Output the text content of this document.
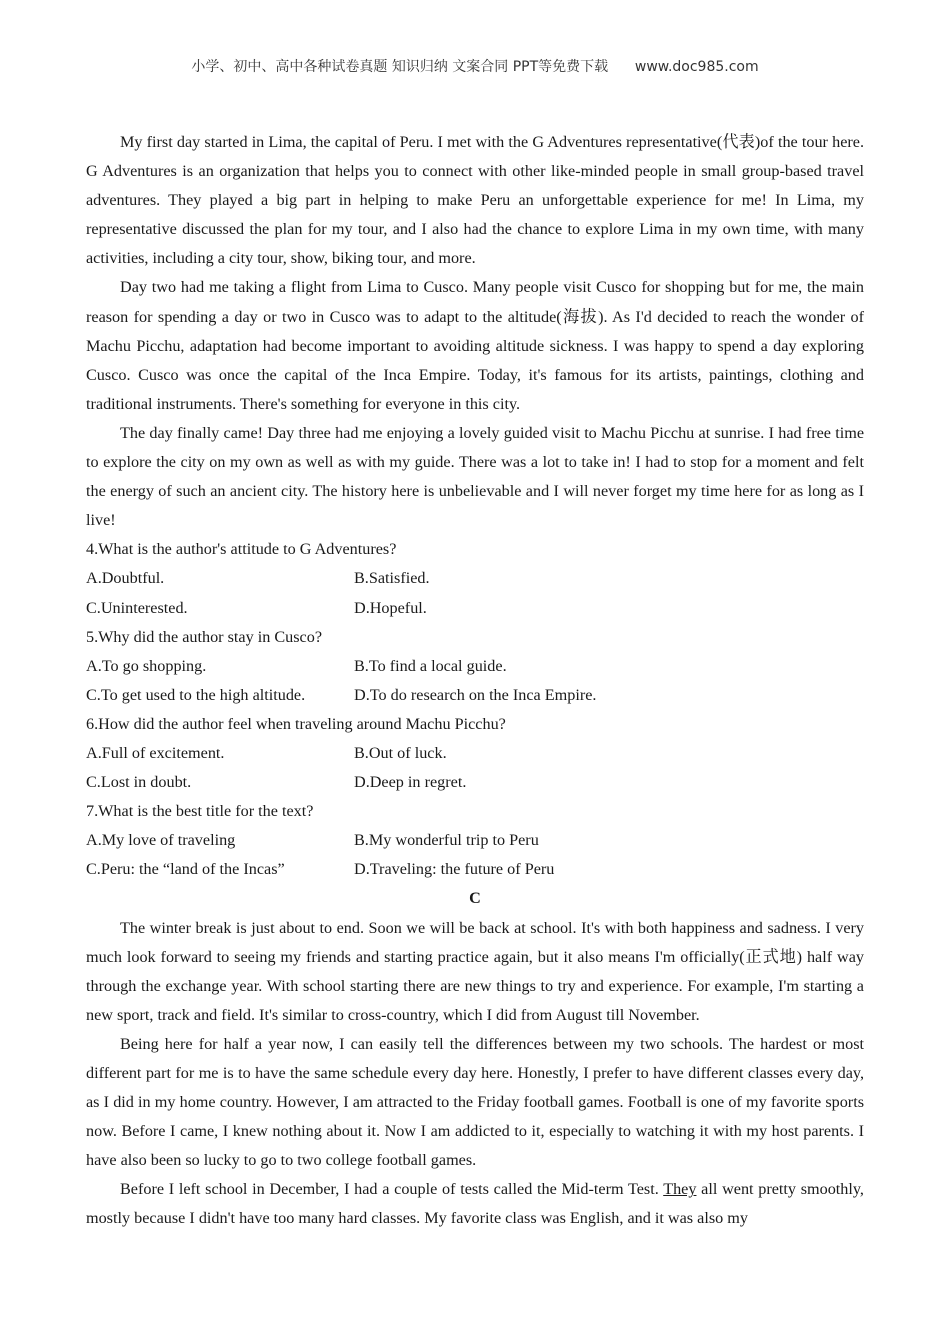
小学、初中、高中各种试卷真题 知识归纳 文案合同 PPT等免费下载 www.doc985.com

My first day started in Lima, the capital of Peru. I met with the G Adventures representative(代表)of the tour here. G Adventures is an organization that helps you to connect with other like-minded people in small group-based travel adventures. They played a big part in helping to make Peru an unforgettable experience for me! In Lima, my representative discussed the plan for my tour, and I also had the chance to explore Lima in my own time, with many activities, including a city tour, show, biking tour, and more.

Day two had me taking a flight from Lima to Cusco. Many people visit Cusco for shopping but for me, the main reason for spending a day or two in Cusco was to adapt to the altitude(海拔). As I'd decided to reach the wonder of Machu Picchu, adaptation had become important to avoiding altitude sickness. I was happy to spend a day exploring Cusco. Cusco was once the capital of the Inca Empire. Today, it's famous for its artists, paintings, clothing and traditional instruments. There's something for everyone in this city.

The day finally came! Day three had me enjoying a lovely guided visit to Machu Picchu at sunrise. I had free time to explore the city on my own as well as with my guide. There was a lot to take in! I had to stop for a moment and felt the energy of such an ancient city. The history here is unbelievable and I will never forget my time here for as long as I live!

4.What is the author's attitude to G Adventures?

A.Doubtful.	B.Satisfied.

C.Uninterested.	D.Hopeful.

5.Why did the author stay in Cusco?

A.To go shopping.	B.To find a local guide.

C.To get used to the high altitude.	D.To do research on the Inca Empire.

6.How did the author feel when traveling around Machu Picchu?

A.Full of excitement.	B.Out of luck.

C.Lost in doubt.	D.Deep in regret.

7.What is the best title for the text?

A.My love of traveling	B.My wonderful trip to Peru

C.Peru: the “land of the Incas”	D.Traveling: the future of Peru

C

The winter break is just about to end. Soon we will be back at school. It's with both happiness and sadness. I very much look forward to seeing my friends and starting practice again, but it also means I'm officially(正式地) half way through the exchange year. With school starting there are new things to try and experience. For example, I'm starting a new sport, track and field. It's similar to cross-country, which I did from August till November.

Being here for half a year now, I can easily tell the differences between my two schools. The hardest or most different part for me is to have the same schedule every day here. Honestly, I prefer to have different classes every day, as I did in my home country. However, I am attracted to the Friday football games. Football is one of my favorite sports now. Before I came, I knew nothing about it. Now I am addicted to it, especially to watching it with my host parents. I have also been so lucky to go to two college football games.

Before I left school in December, I had a couple of tests called the Mid-term Test. They all went pretty smoothly, mostly because I didn't have too many hard classes. My favorite class was English, and it was also my
